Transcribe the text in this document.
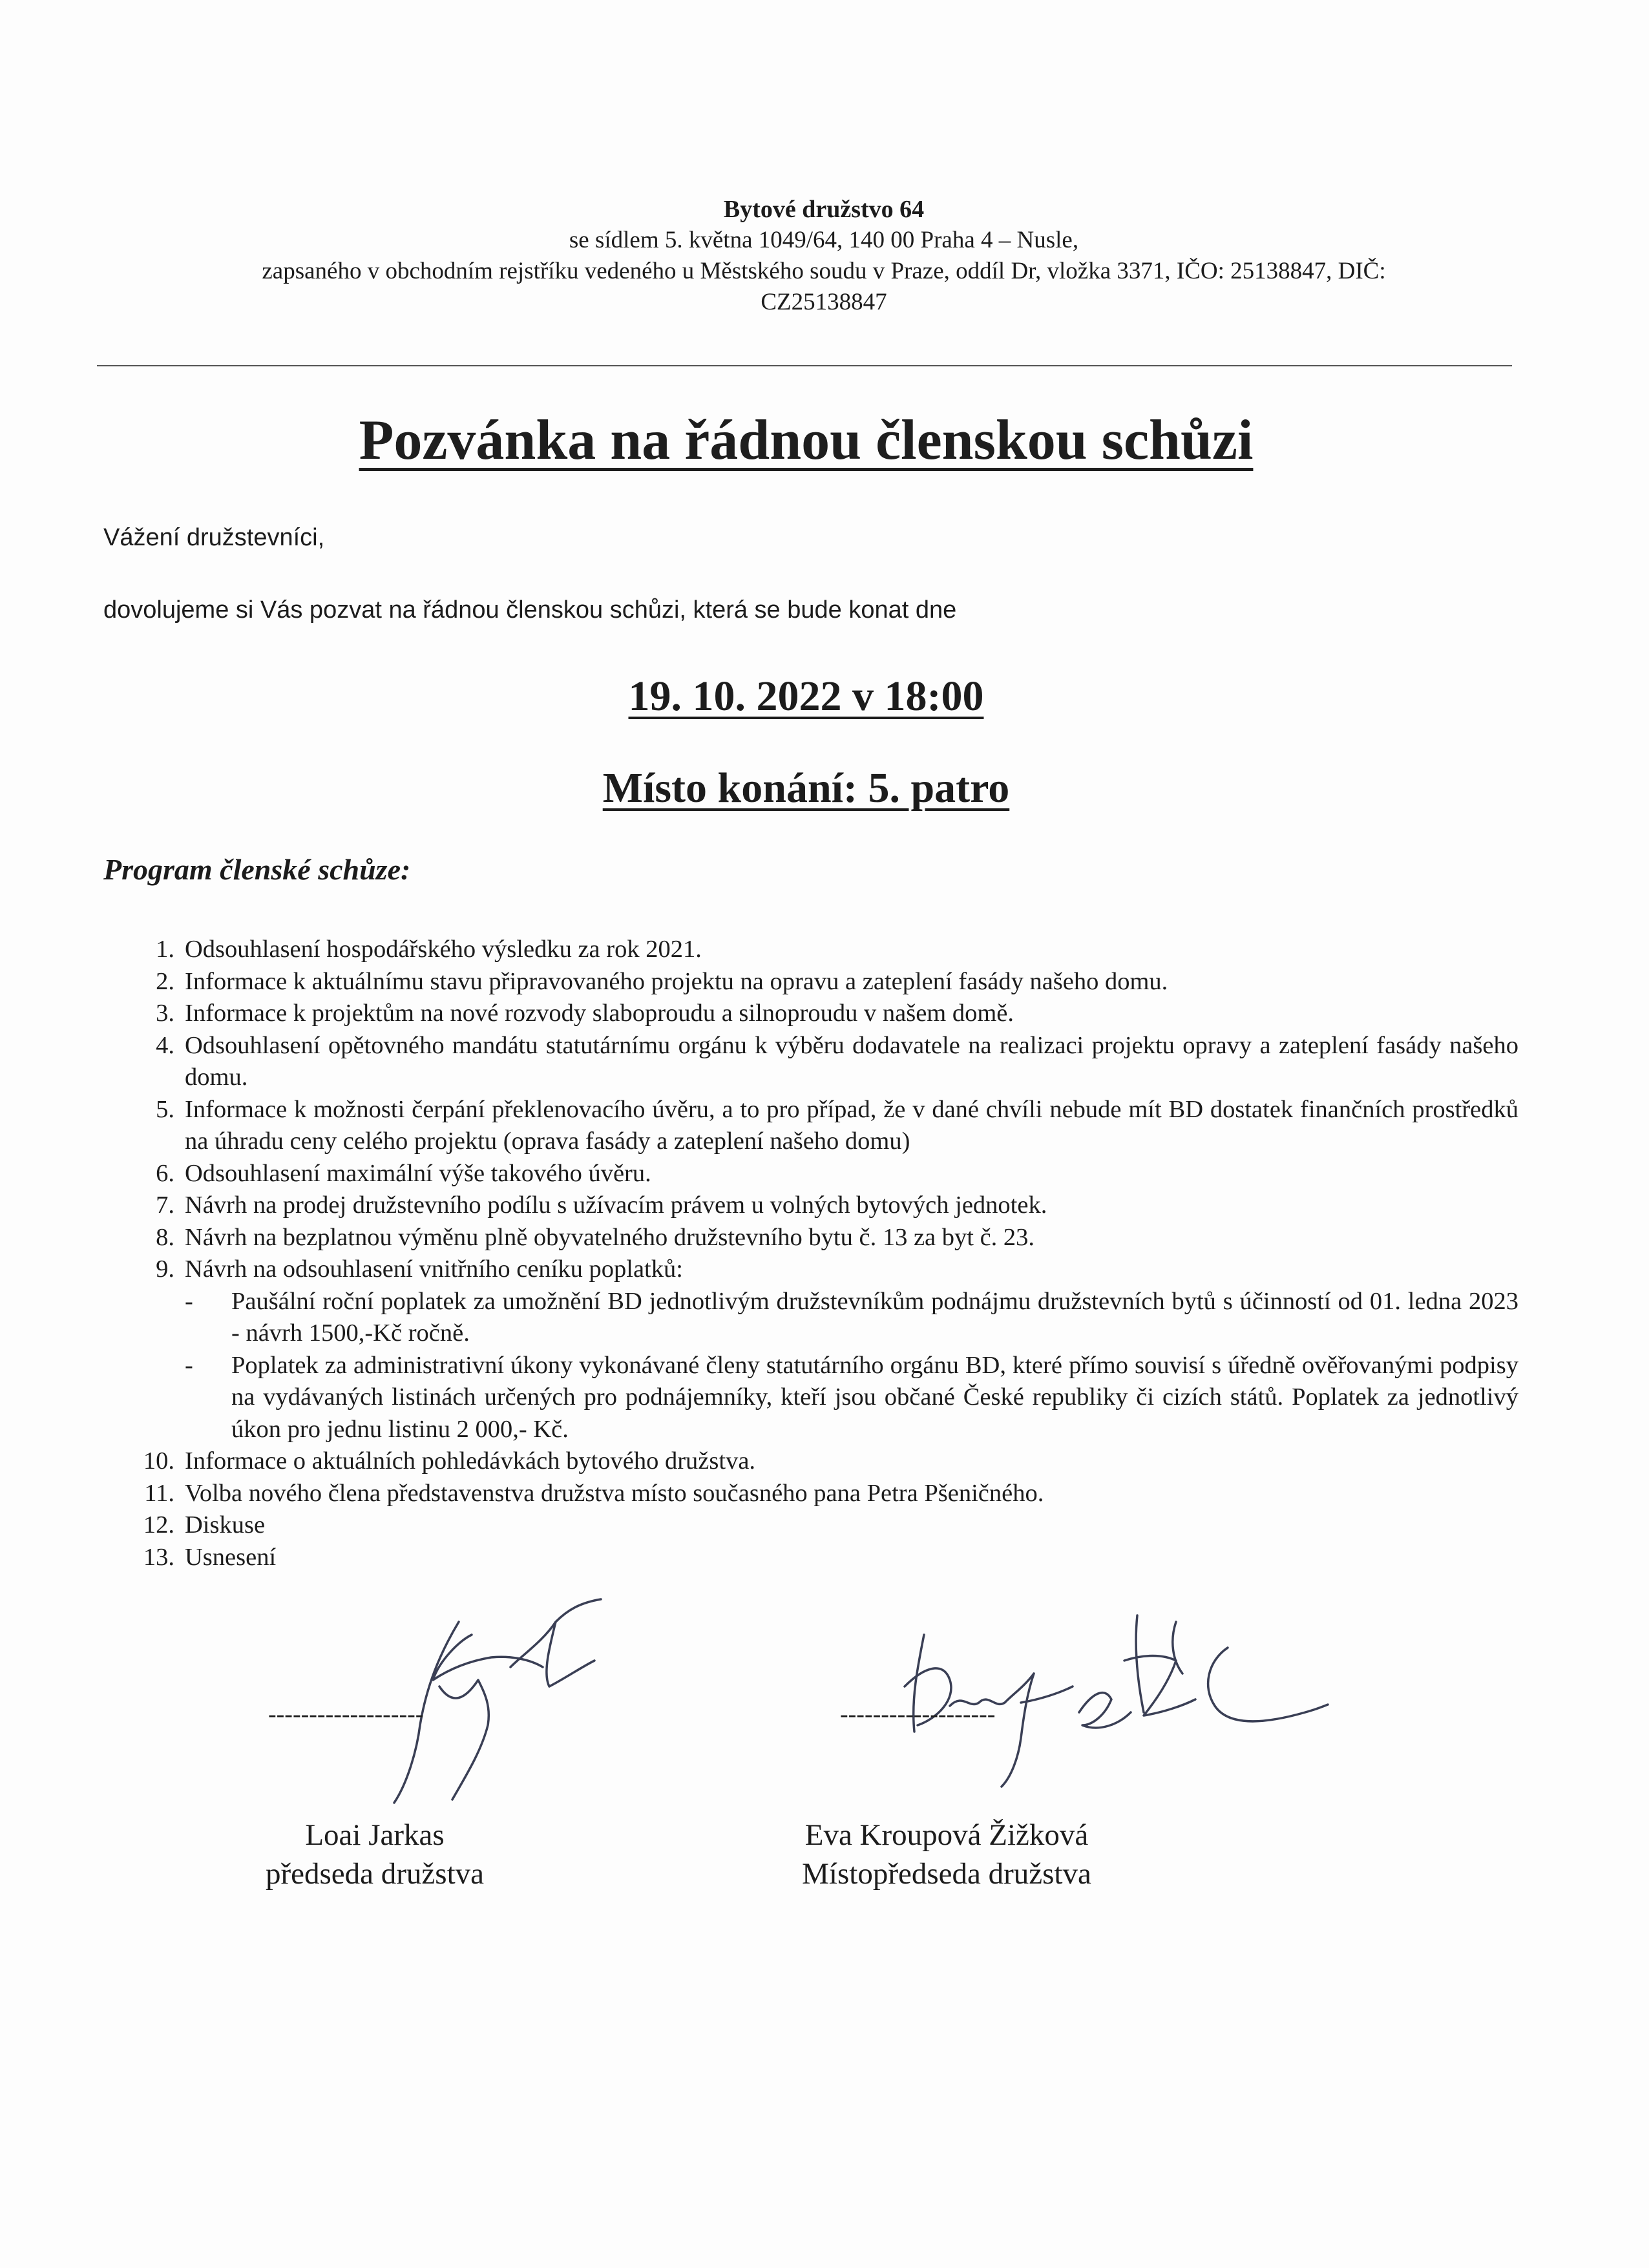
Bytové družstvo 64
se sídlem 5. května 1049/64, 140 00 Praha 4 – Nusle,
zapsaného v obchodním rejstříku vedeného u Městského soudu v Praze, oddíl Dr, vložka 3371, IČO: 25138847, DIČ:
CZ25138847
Pozvánka na řádnou členskou schůzi
Vážení družstevníci,
dovolujeme si Vás pozvat na řádnou členskou schůzi, která se bude konat dne
19. 10. 2022 v 18:00
Místo konání: 5. patro
Program členské schůze:
1. Odsouhlasení hospodářského výsledku za rok 2021.
2. Informace k aktuálnímu stavu připravovaného projektu na opravu a zateplení fasády našeho domu.
3. Informace k projektům na nové rozvody slaboproudu a silnoproudu v našem domě.
4. Odsouhlasení opětovného mandátu statutárnímu orgánu k výběru dodavatele na realizaci projektu opravy a zateplení fasády našeho domu.
5. Informace k možnosti čerpání překlenovacího úvěru, a to pro případ, že v dané chvíli nebude mít BD dostatek finančních prostředků na úhradu ceny celého projektu (oprava fasády a zateplení našeho domu)
6. Odsouhlasení maximální výše takového úvěru.
7. Návrh na prodej družstevního podílu s užívacím právem u volných bytových jednotek.
8. Návrh na bezplatnou výměnu plně obyvatelného družstevního bytu č. 13 za byt č. 23.
9. Návrh na odsouhlasení vnitřního ceníku poplatků:
- Paušální roční poplatek za umožnění BD jednotlivým družstevníkům podnájmu družstevních bytů s účinností od 01. ledna 2023 - návrh 1500,-Kč ročně.
- Poplatek za administrativní úkony vykonávané členy statutárního orgánu BD, které přímo souvisí s úředně ověřovanými podpisy na vydávaných listinách určených pro podnájemníky, kteří jsou občané České republiky či cizích států. Poplatek za jednotlivý úkon pro jednu listinu 2 000,- Kč.
10. Informace o aktuálních pohledávkách bytového družstva.
11. Volba nového člena představenstva družstva místo současného pana Petra Pšeničného.
12. Diskuse
13. Usnesení
-------------------	-------------------
Loai Jarkas
předseda družstva
Eva Kroupová Žižková
Místopředseda družstva
